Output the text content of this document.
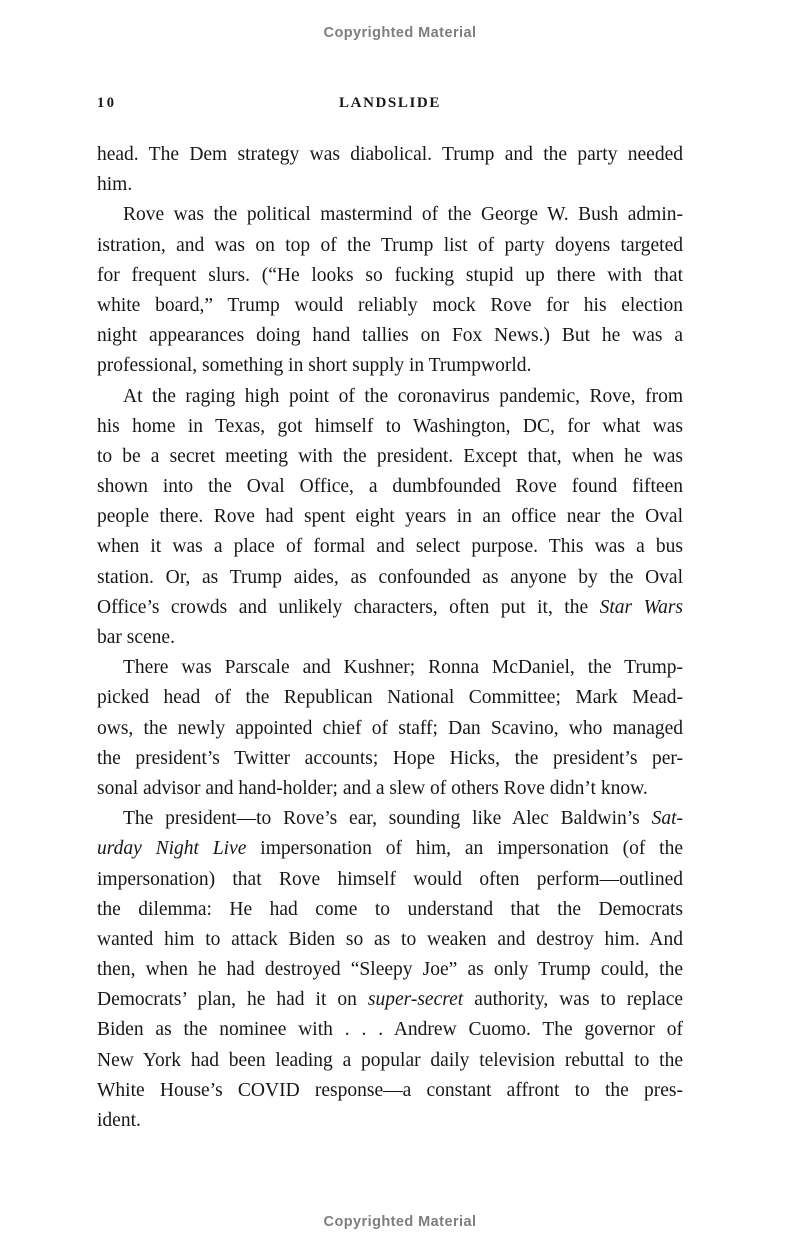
Copyrighted Material
10	LANDSLIDE
head. The Dem strategy was diabolical. Trump and the party needed
him.
Rove was the political mastermind of the George W. Bush admin-
istration, and was on top of the Trump list of party doyens targeted
for frequent slurs. (“He looks so fucking stupid up there with that
white board,” Trump would reliably mock Rove for his election
night appearances doing hand tallies on Fox News.) But he was a
professional, something in short supply in Trumpworld.
At the raging high point of the coronavirus pandemic, Rove, from
his home in Texas, got himself to Washington, DC, for what was
to be a secret meeting with the president. Except that, when he was
shown into the Oval Office, a dumbfounded Rove found fifteen
people there. Rove had spent eight years in an office near the Oval
when it was a place of formal and select purpose. This was a bus
station. Or, as Trump aides, as confounded as anyone by the Oval
Office’s crowds and unlikely characters, often put it, the Star Wars
bar scene.
There was Parscale and Kushner; Ronna McDaniel, the Trump-
picked head of the Republican National Committee; Mark Mead-
ows, the newly appointed chief of staff; Dan Scavino, who managed
the president’s Twitter accounts; Hope Hicks, the president’s per-
sonal advisor and hand-holder; and a slew of others Rove didn’t know.
The president—to Rove’s ear, sounding like Alec Baldwin’s Sat-
urday Night Live impersonation of him, an impersonation (of the
impersonation) that Rove himself would often perform—outlined
the dilemma: He had come to understand that the Democrats
wanted him to attack Biden so as to weaken and destroy him. And
then, when he had destroyed “Sleepy Joe” as only Trump could, the
Democrats’ plan, he had it on super-secret authority, was to replace
Biden as the nominee with . . . Andrew Cuomo. The governor of
New York had been leading a popular daily television rebuttal to the
White House’s COVID response—a constant affront to the pres-
ident.
Copyrighted Material
